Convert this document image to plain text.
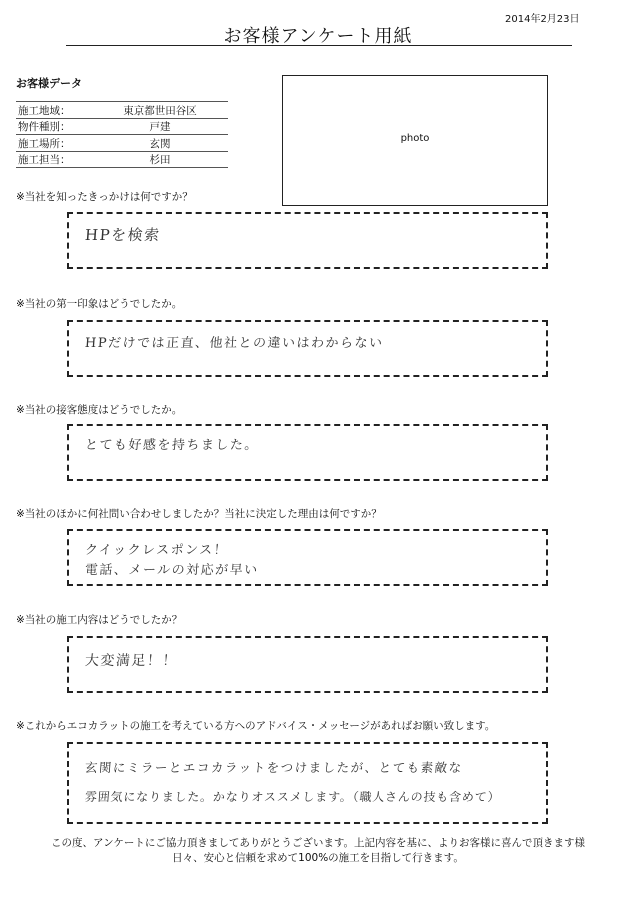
2014年2月23日
お客様アンケート用紙
お客様データ
施工地域：	東京都世田谷区
物件種別：	戸建
施工場所：	玄関
施工担当：	杉田
photo
※当社を知ったきっかけは何ですか？
HPを検索
※当社の第一印象はどうでしたか。
HPだけでは正直、他社との違いはわからない
※当社の接客態度はどうでしたか。
とても好感を持ちました。
※当社のほかに何社問い合わせしましたか？当社に決定した理由は何ですか？
クイックレスポンス！
電話、メールの対応が早い
※当社の施工内容はどうでしたか？
大変満足！！
※これからエコカラットの施工を考えている方へのアドバイス・メッセージがあればお願い致します。
玄関にミラーとエコカラットをつけましたが、とても素敵な
雰囲気になりました。かなりオススメします。（職人さんの技も含めて）
この度、アンケートにご協力頂きましてありがとうございます。上記内容を基に、よりお客様に喜んで頂きます様
日々、安心と信頼を求めて100%の施工を目指して行きます。
